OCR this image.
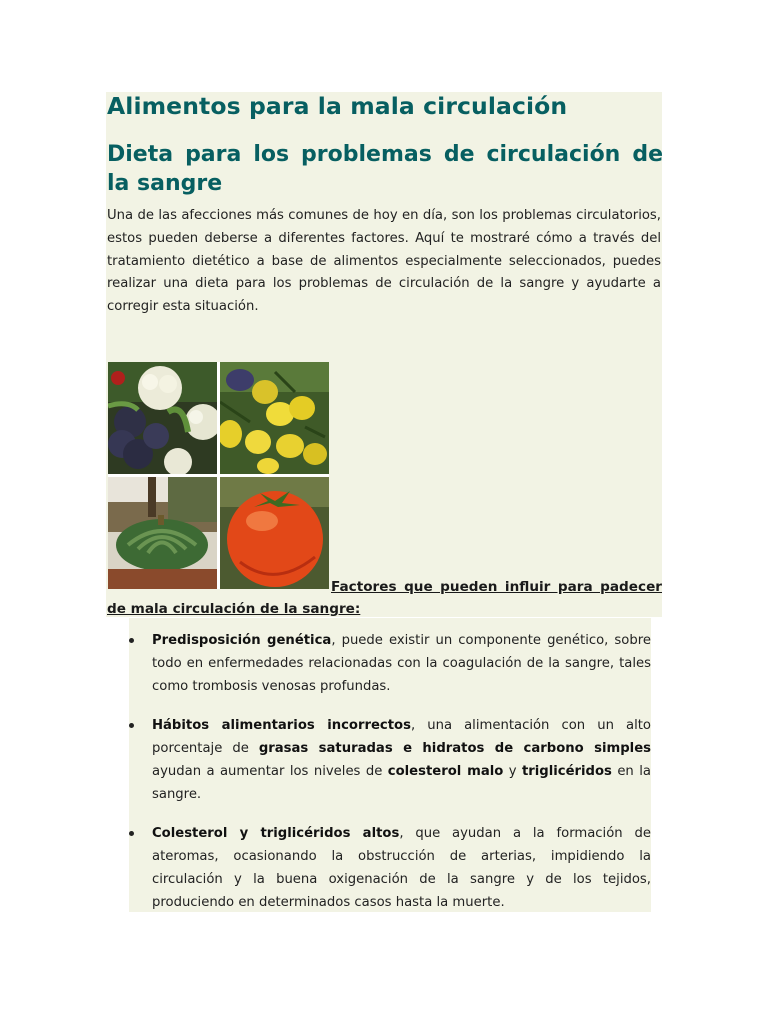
Alimentos para la mala circulación
Dieta para los problemas de circulación de la sangre

Una de las afecciones más comunes de hoy en día, son los problemas circulatorios, estos pueden deberse a diferentes factores. Aquí te mostraré cómo a través del tratamiento dietético a base de alimentos especialmente seleccionados, puedes realizar una dieta para los problemas de circulación de la sangre y ayudarte a corregir esta situación.

Factores que pueden influir para padecer de mala circulación de la sangre:

Predisposición genética, puede existir un componente genético, sobre todo en enfermedades relacionadas con la coagulación de la sangre, tales como trombosis venosas profundas.
Hábitos alimentarios incorrectos, una alimentación con un alto porcentaje de grasas saturadas e hidratos de carbono simples ayudan a aumentar los niveles de colesterol malo y triglicéridos en la sangre.
Colesterol y triglicéridos altos, que ayudan a la formación de ateromas, ocasionando la obstrucción de arterias, impidiendo la circulación y la buena oxigenación de la sangre y de los tejidos, produciendo en determinados casos hasta la muerte.
